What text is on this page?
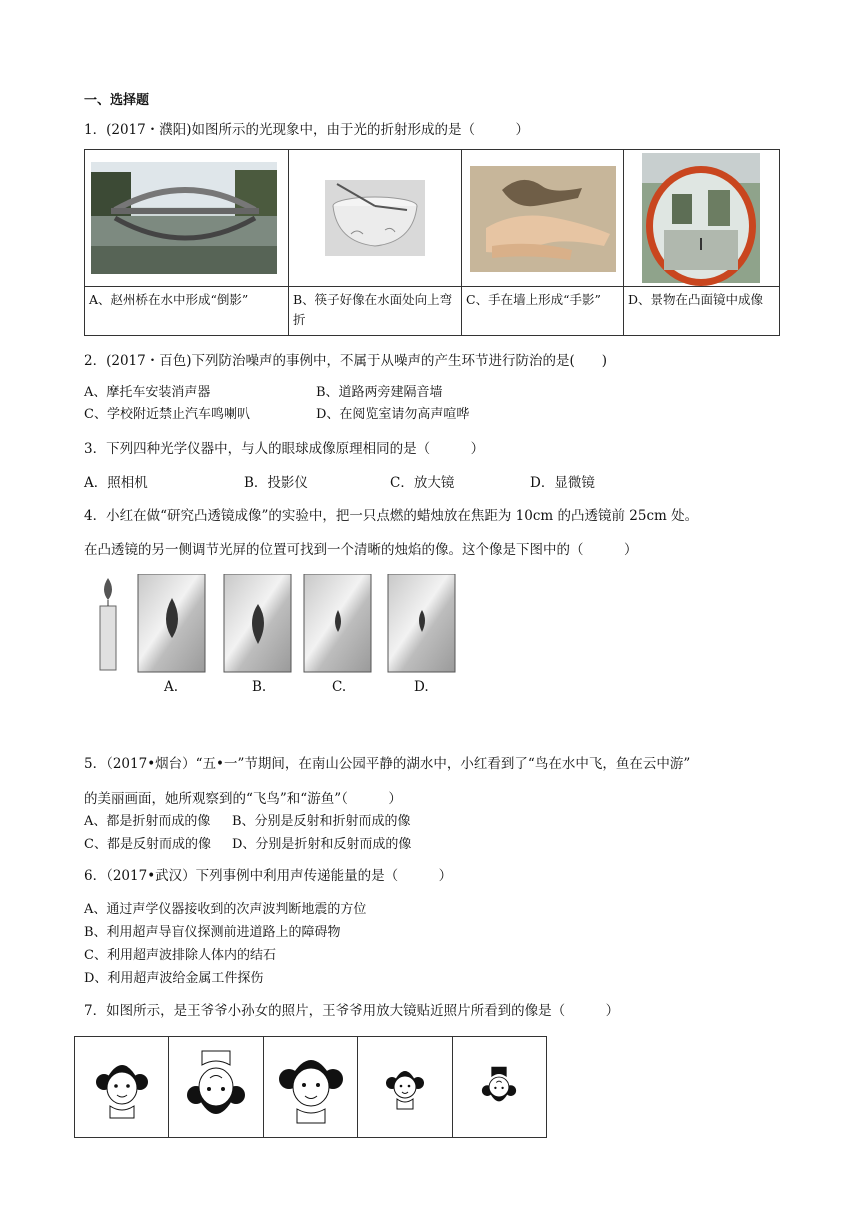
一、选择题
1．(2017・濮阳)如图所示的光现象中，由于光的折射形成的是（　　　）

A、赵州桥在水中形成“倒影”	B、筷子好像在水面处向上弯折	C、手在墙上形成“手影”	D、景物在凸面镜中成像
2．(2017・百色)下列防治噪声的事例中，不属于从噪声的产生环节进行防治的是(　　)
A、摩托车安装消声器	B、道路两旁建隔音墙
C、学校附近禁止汽车鸣喇叭	D、在阅览室请勿高声喧哗
3．下列四种光学仪器中，与人的眼球成像原理相同的是（　　　）
A．照相机	B．投影仪	C．放大镜	D．显微镜
4．小红在做“研究凸透镜成像”的实验中，把一只点燃的蜡烛放在焦距为 10cm 的凸透镜前 25cm 处。
在凸透镜的另一侧调节光屏的位置可找到一个清晰的烛焰的像。这个像是下图中的（　　　）
A.	B.	C.	D.
5．（2017•烟台）“五•一”节期间，在南山公园平静的湖水中，小红看到了“鸟在水中飞，鱼在云中游”
的美丽画面，她所观察到的“飞鸟”和“游鱼”（　　　）
A、都是折射而成的像 B、分别是反射和折射而成的像
C、都是反射而成的像 D、分别是折射和反射而成的像
6．（2017•武汉）下列事例中利用声传递能量的是（　　　）
A、通过声学仪器接收到的次声波判断地震的方位
B、利用超声导盲仪探测前进道路上的障碍物
C、利用超声波排除人体内的结石
D、利用超声波给金属工件探伤
7．如图所示，是王爷爷小孙女的照片，王爷爷用放大镜贴近照片所看到的像是（　　　）
